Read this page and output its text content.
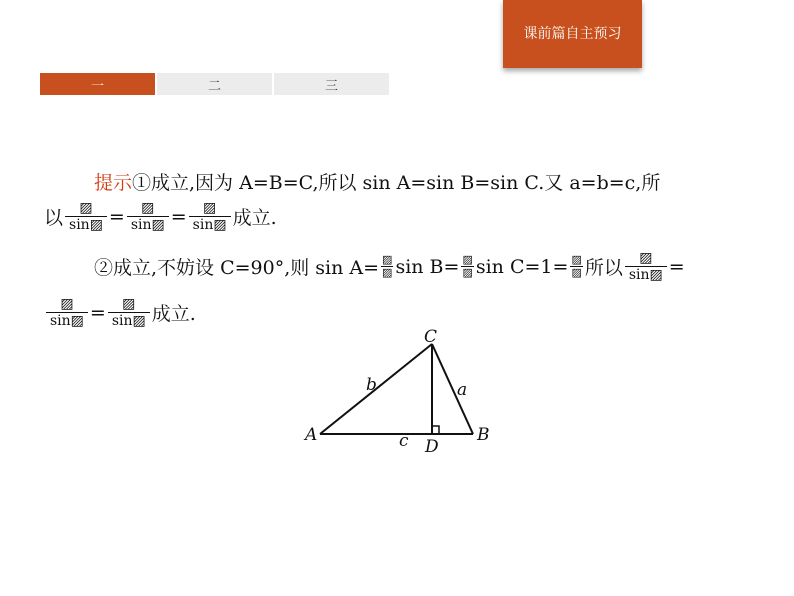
课前篇自主预习
一	二	三
提示 ①成立,因为 A=B=C,所以 sin A=sin B=sin C.又 a=b=c,所
以 $\frac{▨}{\sin▨} = \frac{▨}{\sin▨} = \frac{▨}{\sin▨}$ 成立.
②成立,不妨设 C=90°,则 $\sin A= \frac{▨}{▨}$ $\sin B= \frac{▨}{▨}$ $\sin C=1= \frac{▨}{▨}$ 所以 $\frac{▨}{\sin▨}$ =
$\frac{▨}{\sin▨} = \frac{▨}{\sin▨}$ 成立.
C
A	B
D
b	a
c
